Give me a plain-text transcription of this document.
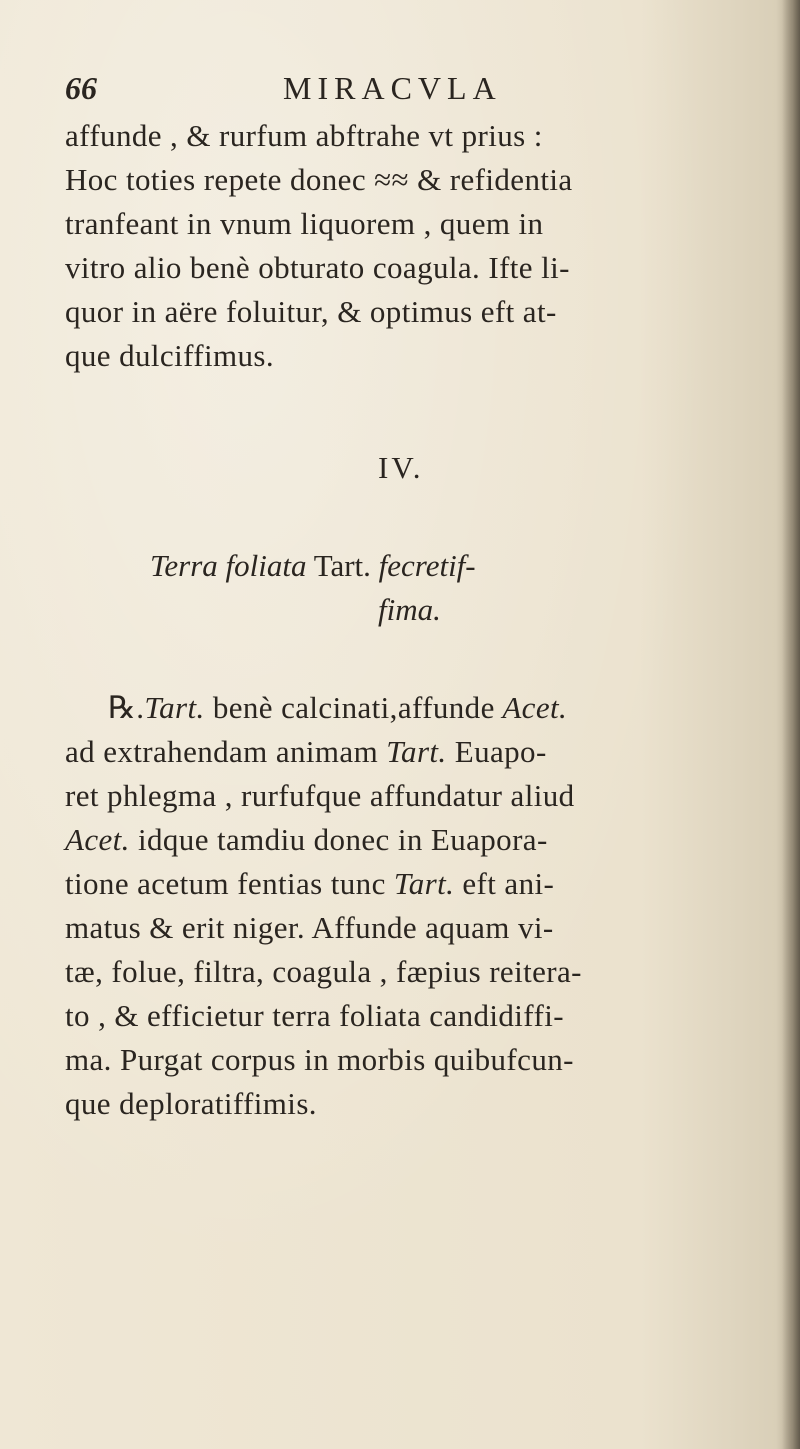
66	MIRACVLA

affunde , & rurfum abftrahe vt prius :

Hoc toties repete donec ≈≈ & refidentia

tranfeant in vnum liquorem , quem in

vitro alio benè obturato coagula. Ifte li-

quor in aëre foluitur, & optimus eft at-

que dulciffimus.

IV.

Terra foliata Tart. fecretif-

fima.

℞.Tart. benè calcinati,affunde Acet.

ad extrahendam animam Tart. Euapo-

ret phlegma , rurfufque affundatur aliud

Acet. idque tamdiu donec in Euapora-

tione acetum fentias tunc Tart. eft ani-

matus & erit niger. Affunde aquam vi-

tæ, folue, filtra, coagula , fæpius reitera-

to , & efficietur terra foliata candidiffi-

ma. Purgat corpus in morbis quibufcun-

que deploratiffimis.
